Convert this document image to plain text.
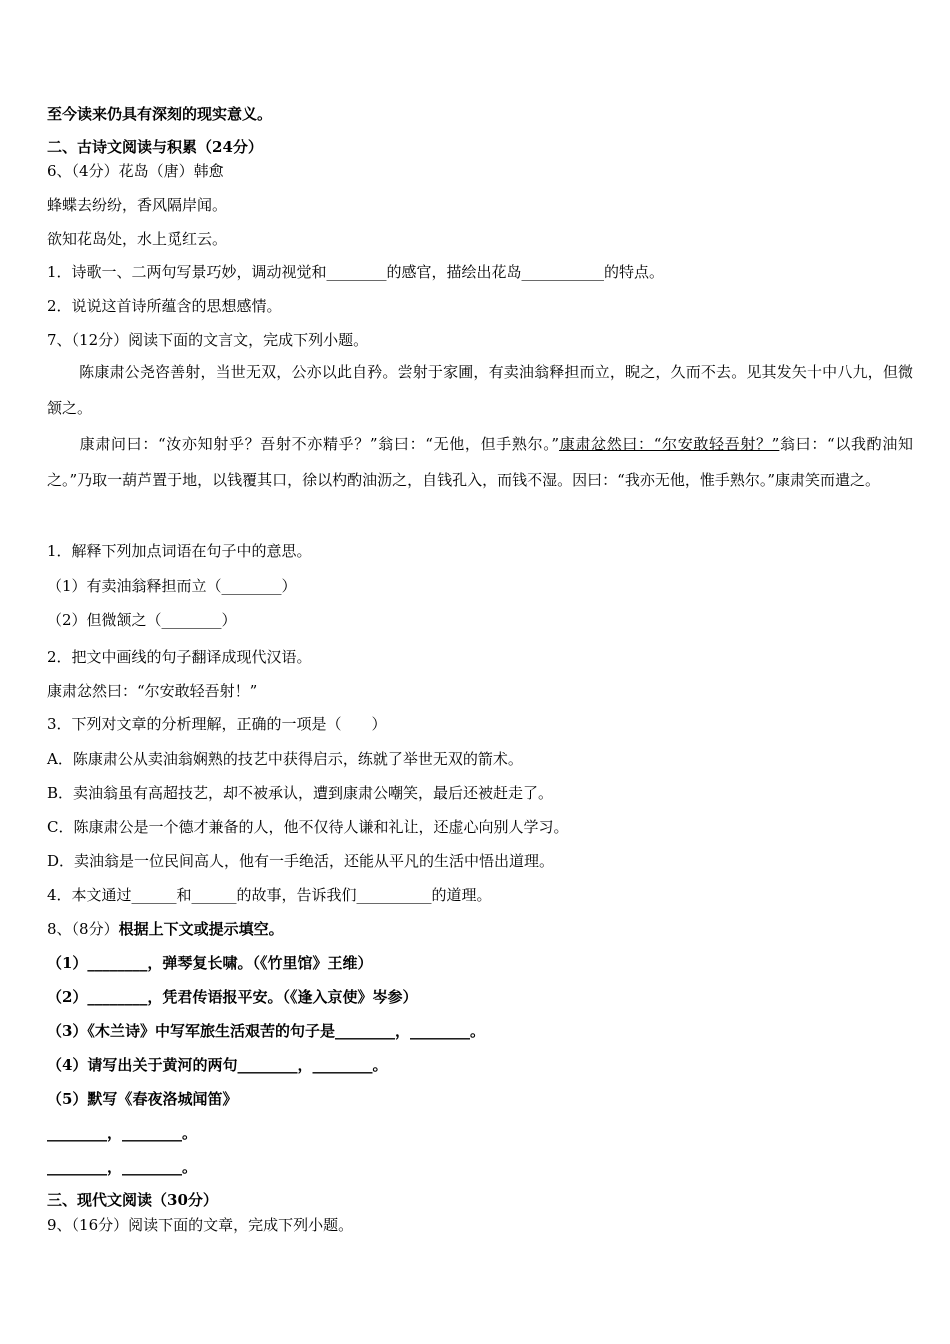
至今读来仍具有深刻的现实意义。
二、古诗文阅读与积累（24分）
6、（4分）花岛（唐）韩愈
蜂蝶去纷纷，香风隔岸闻。
欲知花岛处，水上觅红云。
1．诗歌一、二两句写景巧妙，调动视觉和________的感官，描绘出花岛___________的特点。
2．说说这首诗所蕴含的思想感情。
7、（12分）阅读下面的文言文，完成下列小题。
陈康肃公尧咨善射，当世无双，公亦以此自矜。尝射于家圃，有卖油翁释担而立，睨之，久而不去。见其发矢十中八九，但微颔之。
康肃问曰：“汝亦知射乎？吾射不亦精乎？”翁曰：“无他，但手熟尔。”康肃忿然曰：“尔安敢轻吾射？”翁曰：“以我酌油知之。”乃取一葫芦置于地，以钱覆其口，徐以杓酌油沥之，自钱孔入，而钱不湿。因曰：“我亦无他，惟手熟尔。”康肃笑而遣之。
1．解释下列加点词语在句子中的意思。
（1）有卖油翁释担而立（________）
（2）但微颔之（________）
2．把文中画线的句子翻译成现代汉语。
康肃忿然曰：“尔安敢轻吾射！”
3．下列对文章的分析理解，正确的一项是（　　）
A．陈康肃公从卖油翁娴熟的技艺中获得启示，练就了举世无双的箭术。
B．卖油翁虽有高超技艺，却不被承认，遭到康肃公嘲笑，最后还被赶走了。
C．陈康肃公是一个德才兼备的人，他不仅待人谦和礼让，还虚心向别人学习。
D．卖油翁是一位民间高人，他有一手绝活，还能从平凡的生活中悟出道理。
4．本文通过______和______的故事，告诉我们__________的道理。
8、（8分）根据上下文或提示填空。
（1）________，弹琴复长啸。（《竹里馆》王维）
（2）________，凭君传语报平安。（《逢入京使》岑参）
（3）《木兰诗》中写军旅生活艰苦的句子是________，________。
（4）请写出关于黄河的两句________，________。
（5）默写《春夜洛城闻笛》
________，________。
________，________。
三、现代文阅读（30分）
9、（16分）阅读下面的文章，完成下列小题。
